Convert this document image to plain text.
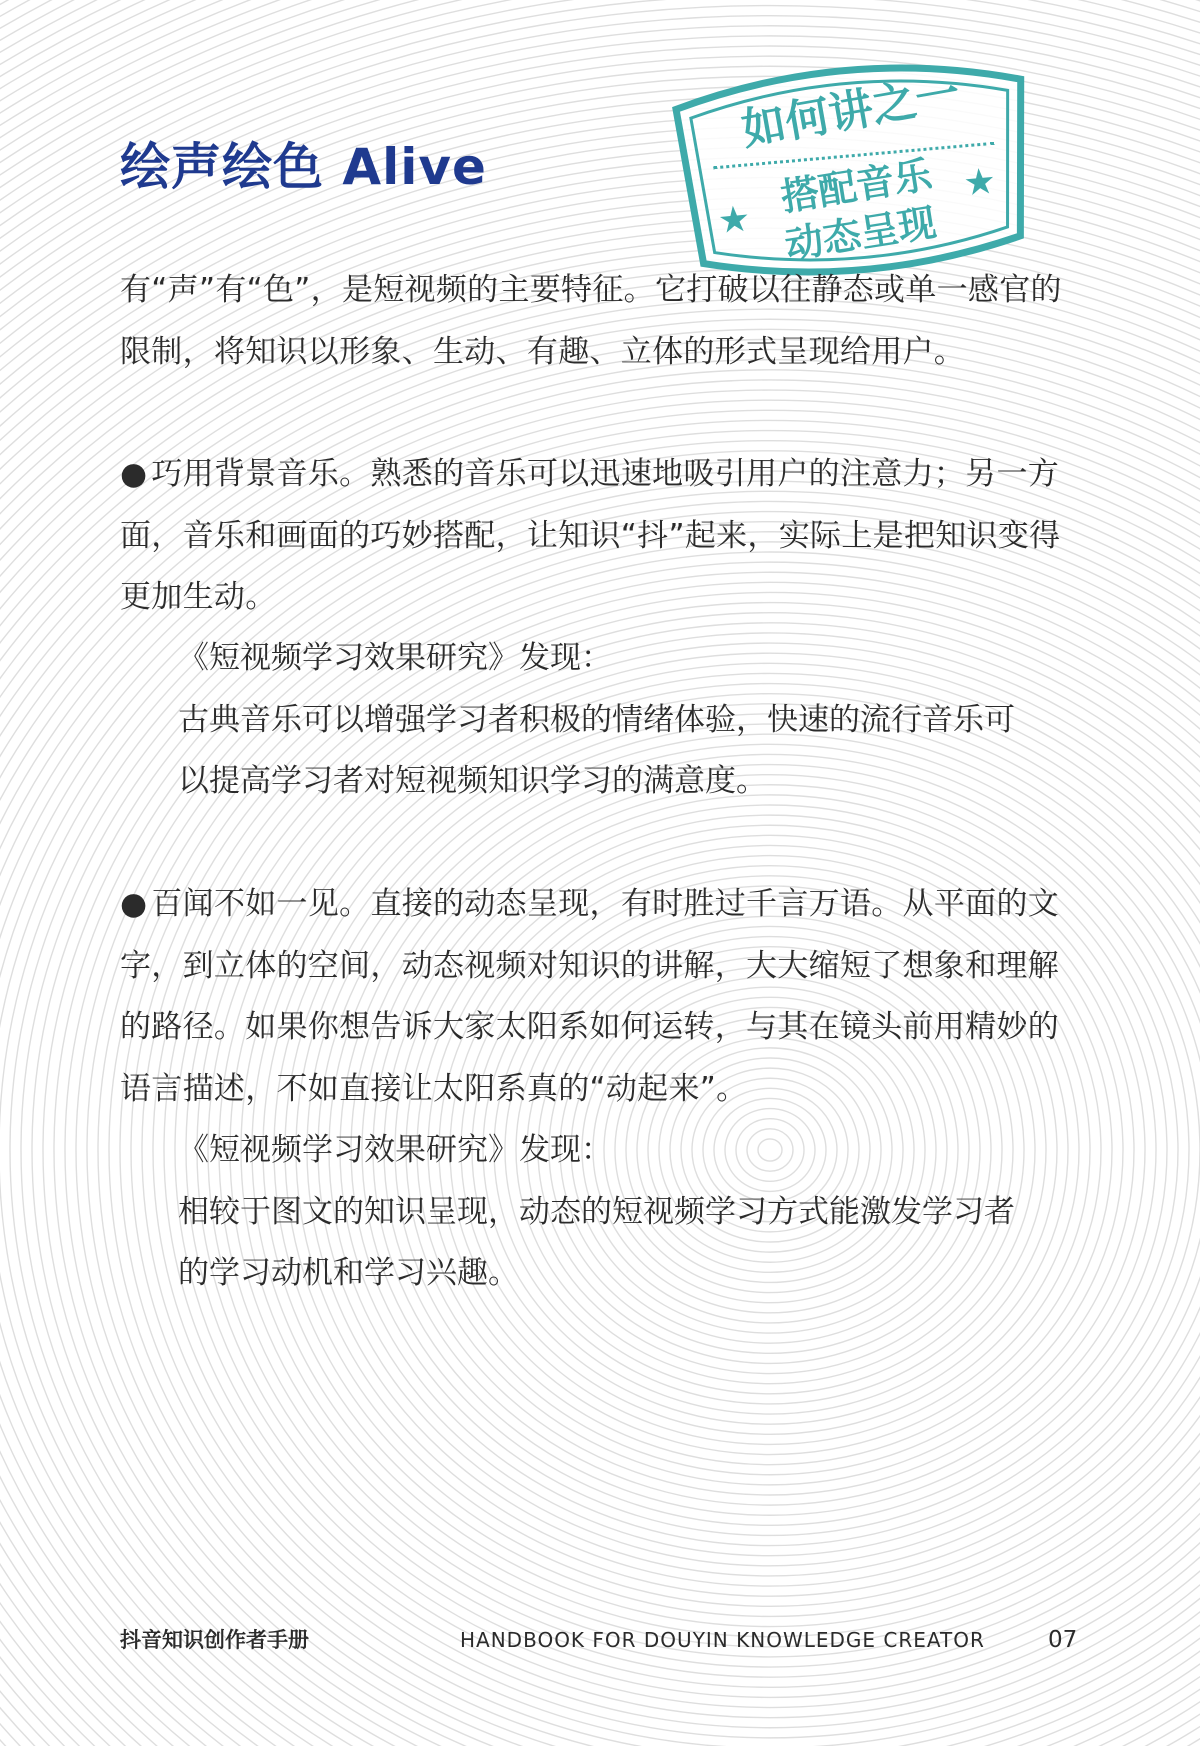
绘声绘色 Alive
如何讲之一
★
搭配音乐
动态呈现
★

有“声”有“色”，是短视频的主要特征。它打破以往静态或单一感官的限制，将知识以形象、生动、有趣、立体的形式呈现给用户。

● 巧用背景音乐。熟悉的音乐可以迅速地吸引用户的注意力；另一方面，音乐和画面的巧妙搭配，让知识“抖”起来，实际上是把知识变得更加生动。

《短视频学习效果研究》发现：
古典音乐可以增强学习者积极的情绪体验，快速的流行音乐可以提高学习者对短视频知识学习的满意度。

● 百闻不如一见。直接的动态呈现，有时胜过千言万语。从平面的文字，到立体的空间，动态视频对知识的讲解，大大缩短了想象和理解的路径。如果你想告诉大家太阳系如何运转，与其在镜头前用精妙的语言描述，不如直接让太阳系真的“动起来”。

《短视频学习效果研究》发现：
相较于图文的知识呈现，动态的短视频学习方式能激发学习者的学习动机和学习兴趣。
抖音知识创作者手册	HANDBOOK FOR DOUYIN KNOWLEDGE CREATOR	07
